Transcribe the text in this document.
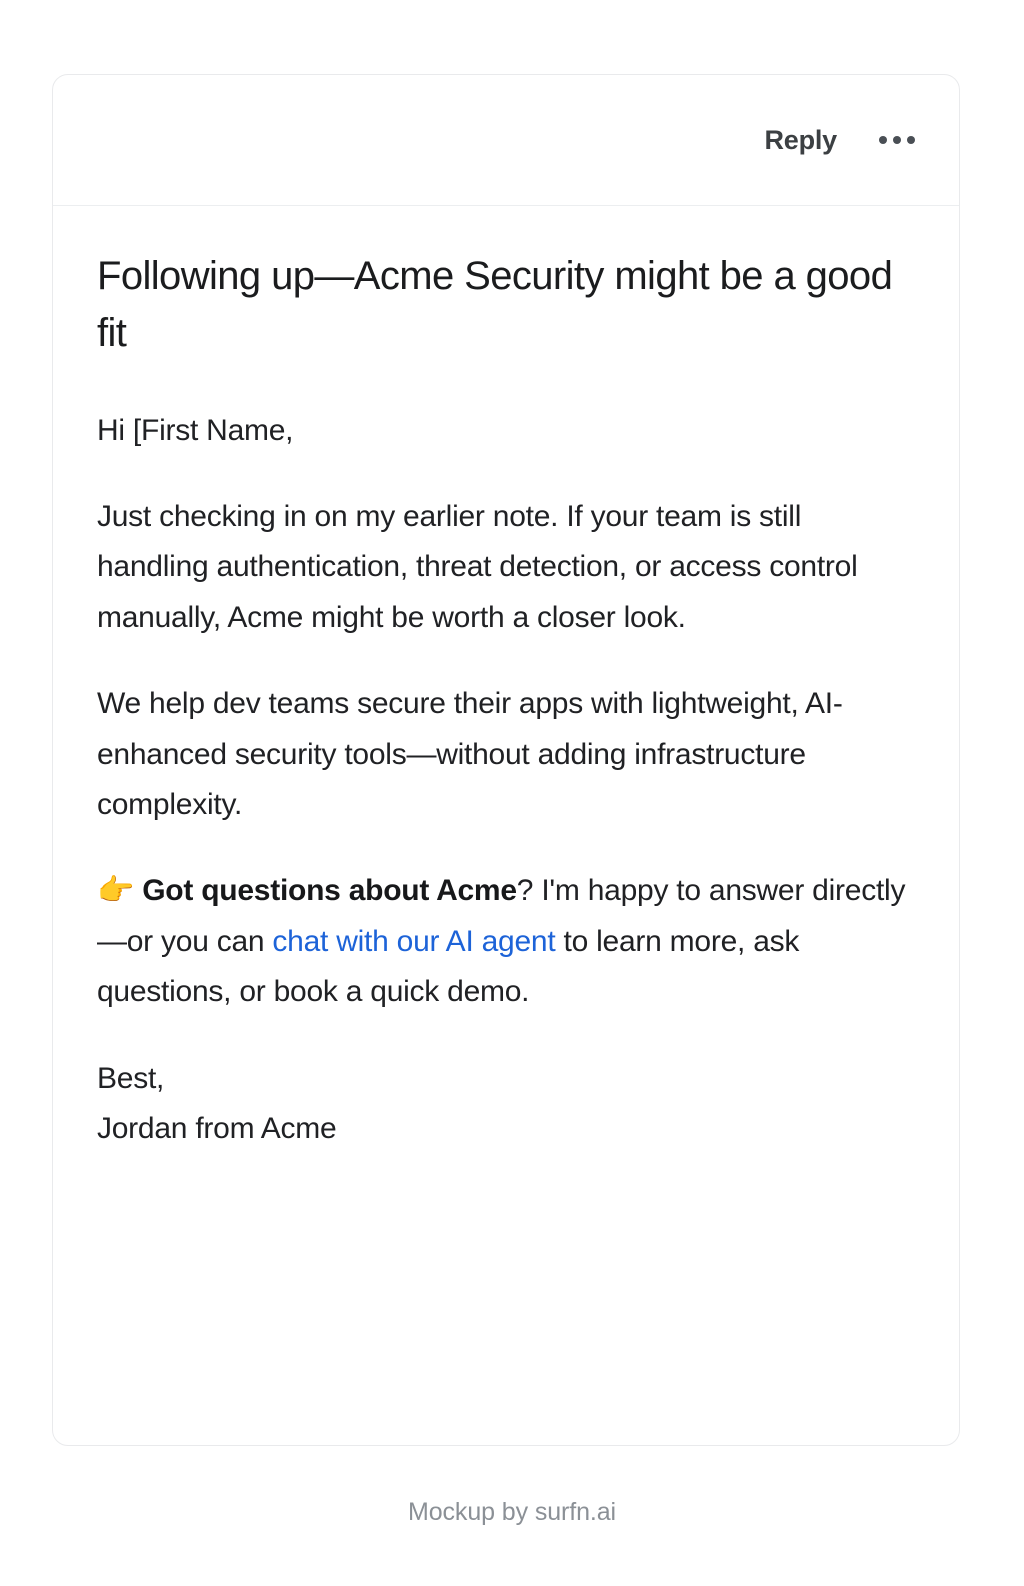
Reply
Following up—Acme Security might be a good fit

Hi [First Name,

Just checking in on my earlier note. If your team is still handling authentication, threat detection, or access control manually, Acme might be worth a closer look.

We help dev teams secure their apps with lightweight, AI-enhanced security tools—without adding infrastructure complexity.

👉 Got questions about Acme? I'm happy to answer directly—or you can chat with our AI agent to learn more, ask questions, or book a quick demo.

Best,

Jordan from Acme

Mockup by surfn.ai
